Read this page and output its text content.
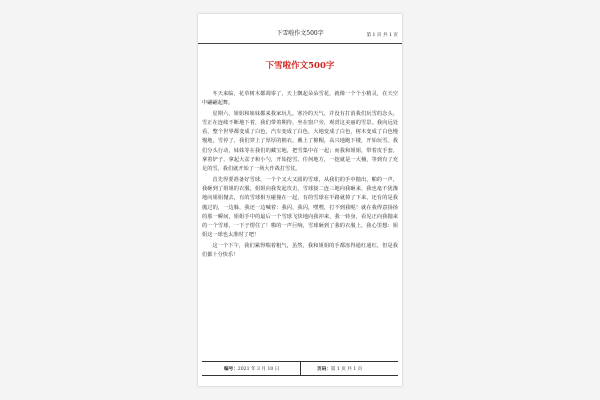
下雪啦作文500字	第 1 页 共 1 页
下雪啦作文500字

冬天来临，花草树木都凋零了，天上飘起朵朵雪花，就像一个个小精灵，在天空中翩翩起舞。

星期六，姐姐和妹妹都来我家玩儿。寒冷的天气，并没有打消我们玩雪的念头。雪正在连续不断地下着，我们带着期待，坐在窗户旁，观赏这美丽的雪景。我向远处看，整个世界都变成了白色，汽车变成了白色，大地变成了白色，树木变成了白色慢慢地，雪停了，我们穿上了厚厚的棉衣，戴上了棉帽，高兴地跑下楼，开始玩雪。我们分头行动，妹妹等在我们的藏宝地，把雪集中在一起；而我和姐姐，带着皮手套，拿着铲子，拿起大盆子和小勺，开始挖雪。任何地方，一挖就是一大桶，等到有了充足的雪，我们就开始了一场大作战打雪仗。

首先得要准备好雪球，一个个又大又圆的雪球，从我们的手中抛出，啪的一声，我砸到了姐姐的衣服，姐姐向我发起攻击，雪球接二连三地向我砸来，我也毫不犹豫地向姐姐抛去，有的雪球相互碰撞在一起，有的雪球在半路就掉了下来，还有的是我抛过的，一边躲，我还一边喊着：我闪，我闪，嘿嘿，打不到我呢！就在我得意扬扬的那一瞬间，姐姐手中的最后一个雪球飞快地向我冲来，我一转身，看见正向我抛来的一个雪球，一下子愣住了！啪的一声巨响，雪球砸到了我的衣服上，我心里想：姐姐这一球也太准时了吧！

这一个下午，我们累得喘着粗气，虽然，我和姐姐的手都冻得通红通红，但是我们都十分快乐！

编号：2021 年 3 月 10 日	页码：第 1 页 共 1 页
